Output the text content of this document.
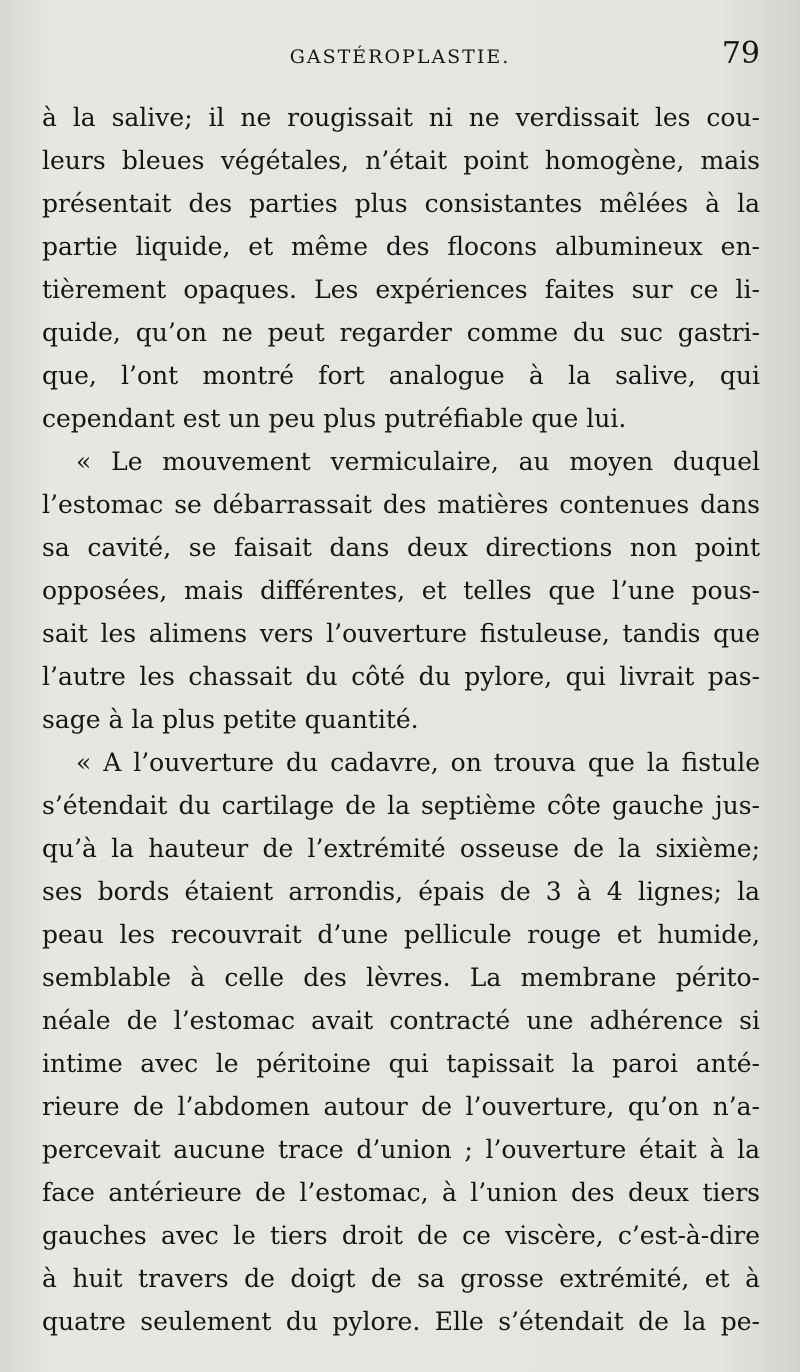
GASTÉROPLASTIE.	79
à la salive; il ne rougissait ni ne verdissait les cou-
leurs bleues végétales, n’était point homogène, mais
présentait des parties plus consistantes mêlées à la
partie liquide, et même des flocons albumineux en-
tièrement opaques. Les expériences faites sur ce li-
quide, qu’on ne peut regarder comme du suc gastri-
que, l’ont montré fort analogue à la salive, qui
cependant est un peu plus putréfiable que lui.
« Le mouvement vermiculaire, au moyen duquel
l’estomac se débarrassait des matières contenues dans
sa cavité, se faisait dans deux directions non point
opposées, mais différentes, et telles que l’une pous-
sait les alimens vers l’ouverture fistuleuse, tandis que
l’autre les chassait du côté du pylore, qui livrait pas-
sage à la plus petite quantité.
« A l’ouverture du cadavre, on trouva que la fistule
s’étendait du cartilage de la septième côte gauche jus-
qu’à la hauteur de l’extrémité osseuse de la sixième;
ses bords étaient arrondis, épais de 3 à 4 lignes; la
peau les recouvrait d’une pellicule rouge et humide,
semblable à celle des lèvres. La membrane périto-
néale de l’estomac avait contracté une adhérence si
intime avec le péritoine qui tapissait la paroi anté-
rieure de l’abdomen autour de l’ouverture, qu’on n’a-
percevait aucune trace d’union ; l’ouverture était à la
face antérieure de l’estomac, à l’union des deux tiers
gauches avec le tiers droit de ce viscère, c’est-à-dire
à huit travers de doigt de sa grosse extrémité, et à
quatre seulement du pylore. Elle s’étendait de la pe-
